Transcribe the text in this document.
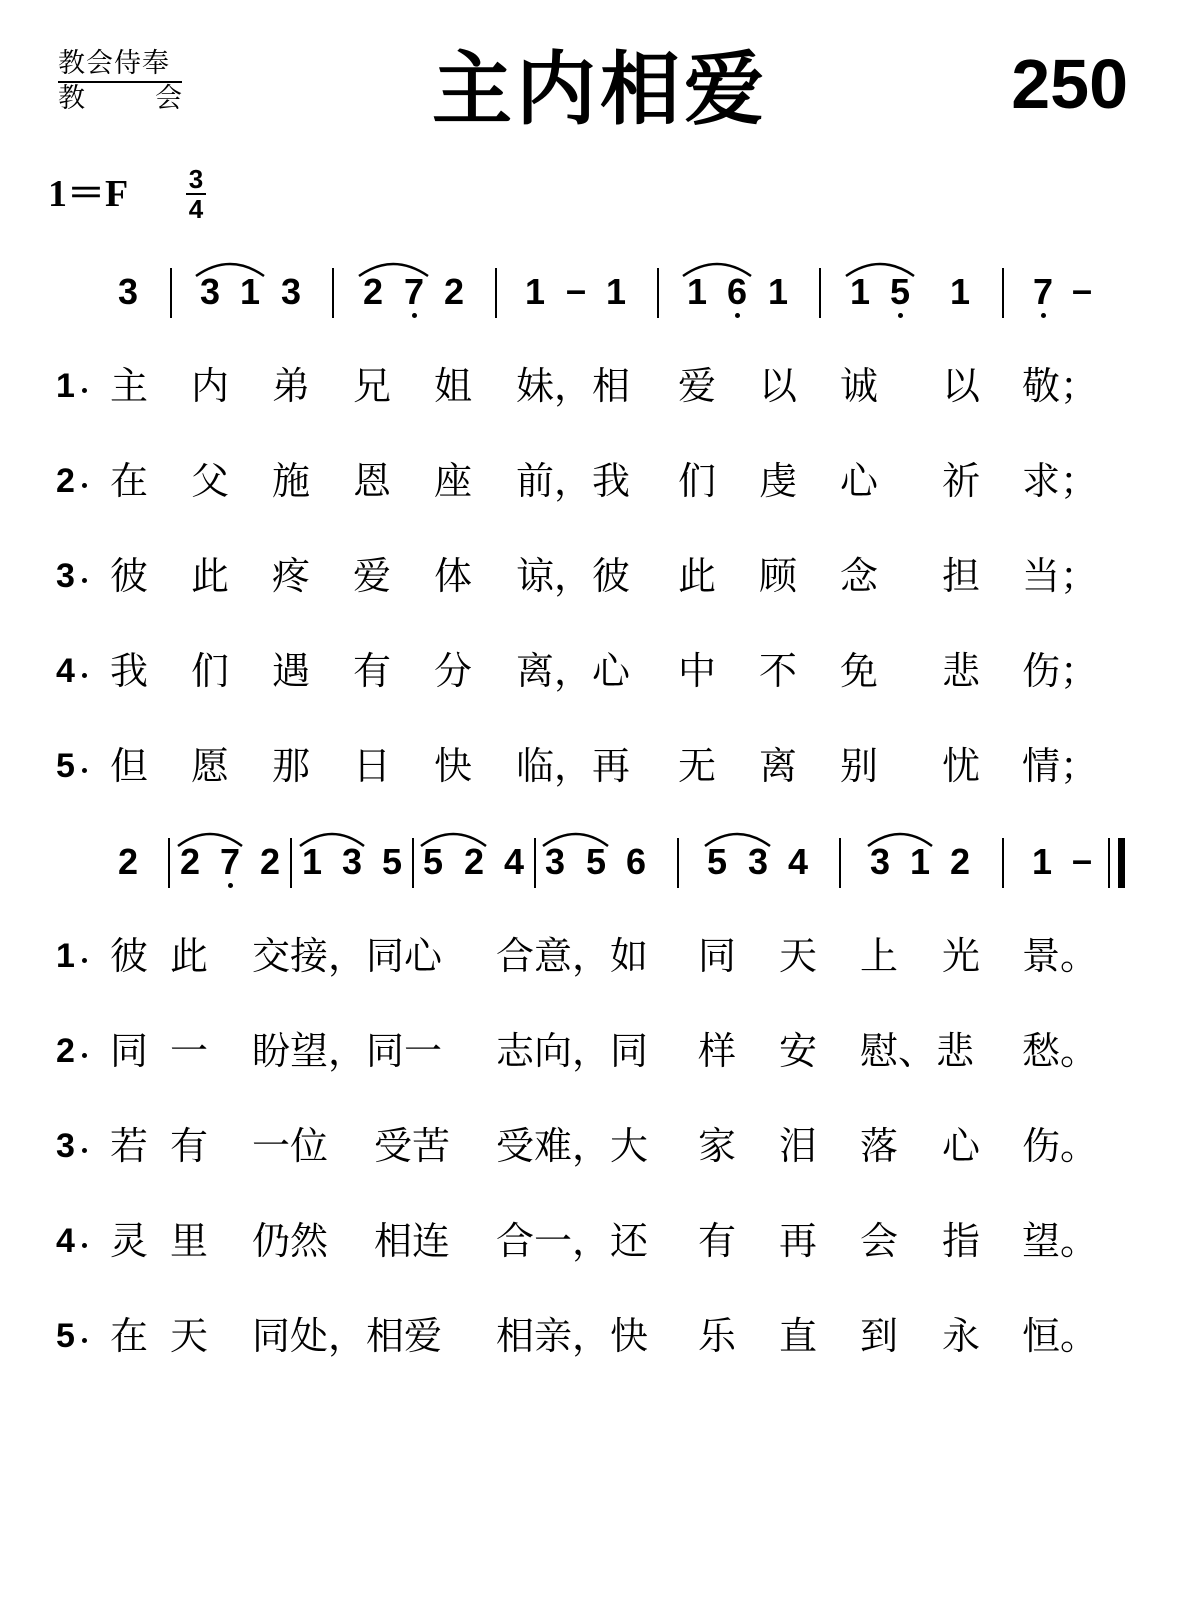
教会侍奉
教　　会	主内相爱	250
1＝F 3
4
3 3 1 3 2 7 2 1 – 1 1 6 1 1 5 1 7 –
1 主 内 弟 兄 姐 妹，相 爱 以 诚 以 敬；
2 在 父 施 恩 座 前，我 们 虔 心 祈 求；
3 彼 此 疼 爱 体 谅，彼 此 顾 念 担 当；
4 我 们 遇 有 分 离，心 中 不 免 悲 伤；
5 但 愿 那 日 快 临，再 无 离 别 忧 情；
2 2 7 2 1 3 5 5 2 4 3 5 6 5 3 4 3 1 2 1 –
1 彼 此 交接，同心 合意，如 同 天 上 光 景。
2 同 一 盼望，同一 志向，同 样 安 慰、悲 愁。
3 若 有 一位 受苦 受难，大 家 泪 落 心 伤。
4 灵 里 仍然 相连 合一，还 有 再 会 指 望。
5 在 天 同处，相爱 相亲，快 乐 直 到 永 恒。
